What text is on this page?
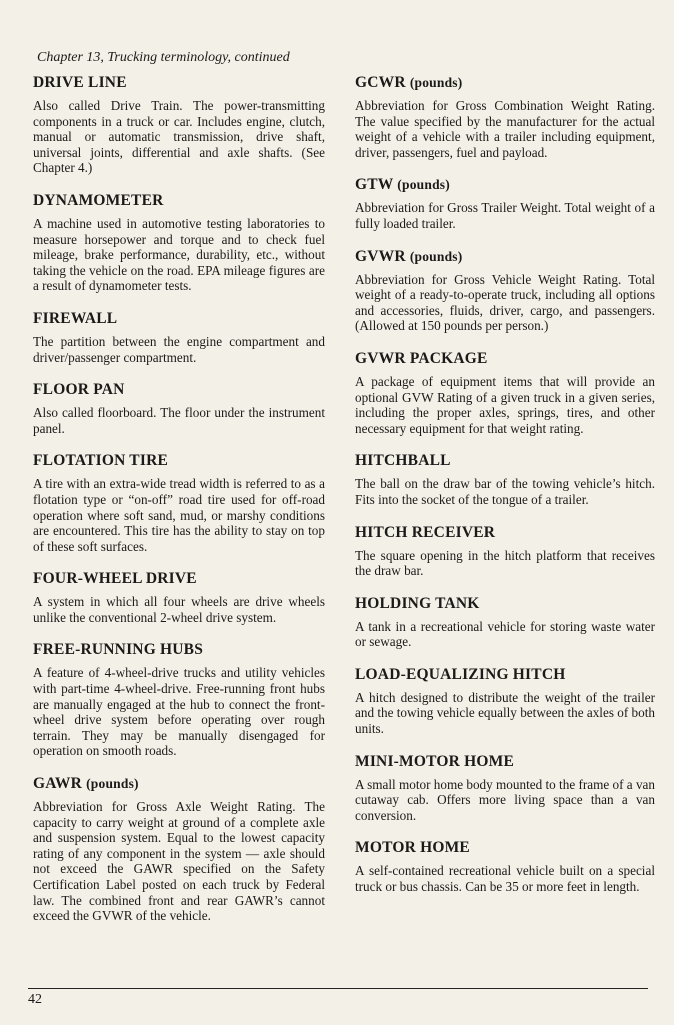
Chapter 13, Trucking terminology, continued
DRIVE LINE

Also called Drive Train. The power-transmitting components in a truck or car. Includes engine, clutch, manual or automatic transmission, drive shaft, universal joints, differential and axle shafts. (See Chapter 4.)

DYNAMOMETER

A machine used in automotive testing laboratories to measure horsepower and torque and to check fuel mileage, brake performance, durability, etc., without taking the vehicle on the road. EPA mileage figures are a result of dynamometer tests.

FIREWALL

The partition between the engine compartment and driver/passenger compartment.

FLOOR PAN

Also called floorboard. The floor under the instrument panel.

FLOTATION TIRE

A tire with an extra-wide tread width is referred to as a flotation type or “on-off” road tire used for off-road operation where soft sand, mud, or marshy conditions are encountered. This tire has the ability to stay on top of these soft surfaces.

FOUR-WHEEL DRIVE

A system in which all four wheels are drive wheels unlike the conventional 2-wheel drive system.

FREE-RUNNING HUBS

A feature of 4-wheel-drive trucks and utility vehicles with part-time 4-wheel-drive. Free-running front hubs are manually engaged at the hub to connect the front-wheel drive system before operating over rough terrain. They may be manually disengaged for operation on smooth roads.

GAWR (pounds)

Abbreviation for Gross Axle Weight Rating. The capacity to carry weight at ground of a complete axle and suspension system. Equal to the lowest capacity rating of any component in the system — axle should not exceed the GAWR specified on the Safety Certification Label posted on each truck by Federal law. The combined front and rear GAWR’s cannot exceed the GVWR of the vehicle.

GCWR (pounds)

Abbreviation for Gross Combination Weight Rating. The value specified by the manufacturer for the actual weight of a vehicle with a trailer including equipment, driver, passengers, fuel and payload.

GTW (pounds)

Abbreviation for Gross Trailer Weight. Total weight of a fully loaded trailer.

GVWR (pounds)

Abbreviation for Gross Vehicle Weight Rating. Total weight of a ready-to-operate truck, including all options and accessories, fluids, driver, cargo, and passengers. (Allowed at 150 pounds per person.)

GVWR PACKAGE

A package of equipment items that will provide an optional GVW Rating of a given truck in a given series, including the proper axles, springs, tires, and other necessary equipment for that weight rating.

HITCHBALL

The ball on the draw bar of the towing vehicle’s hitch. Fits into the socket of the tongue of a trailer.

HITCH RECEIVER

The square opening in the hitch platform that receives the draw bar.

HOLDING TANK

A tank in a recreational vehicle for storing waste water or sewage.

LOAD-EQUALIZING HITCH

A hitch designed to distribute the weight of the trailer and the towing vehicle equally between the axles of both units.

MINI-MOTOR HOME

A small motor home body mounted to the frame of a van cutaway cab. Offers more living space than a van conversion.

MOTOR HOME

A self-contained recreational vehicle built on a special truck or bus chassis. Can be 35 or more feet in length.

42
